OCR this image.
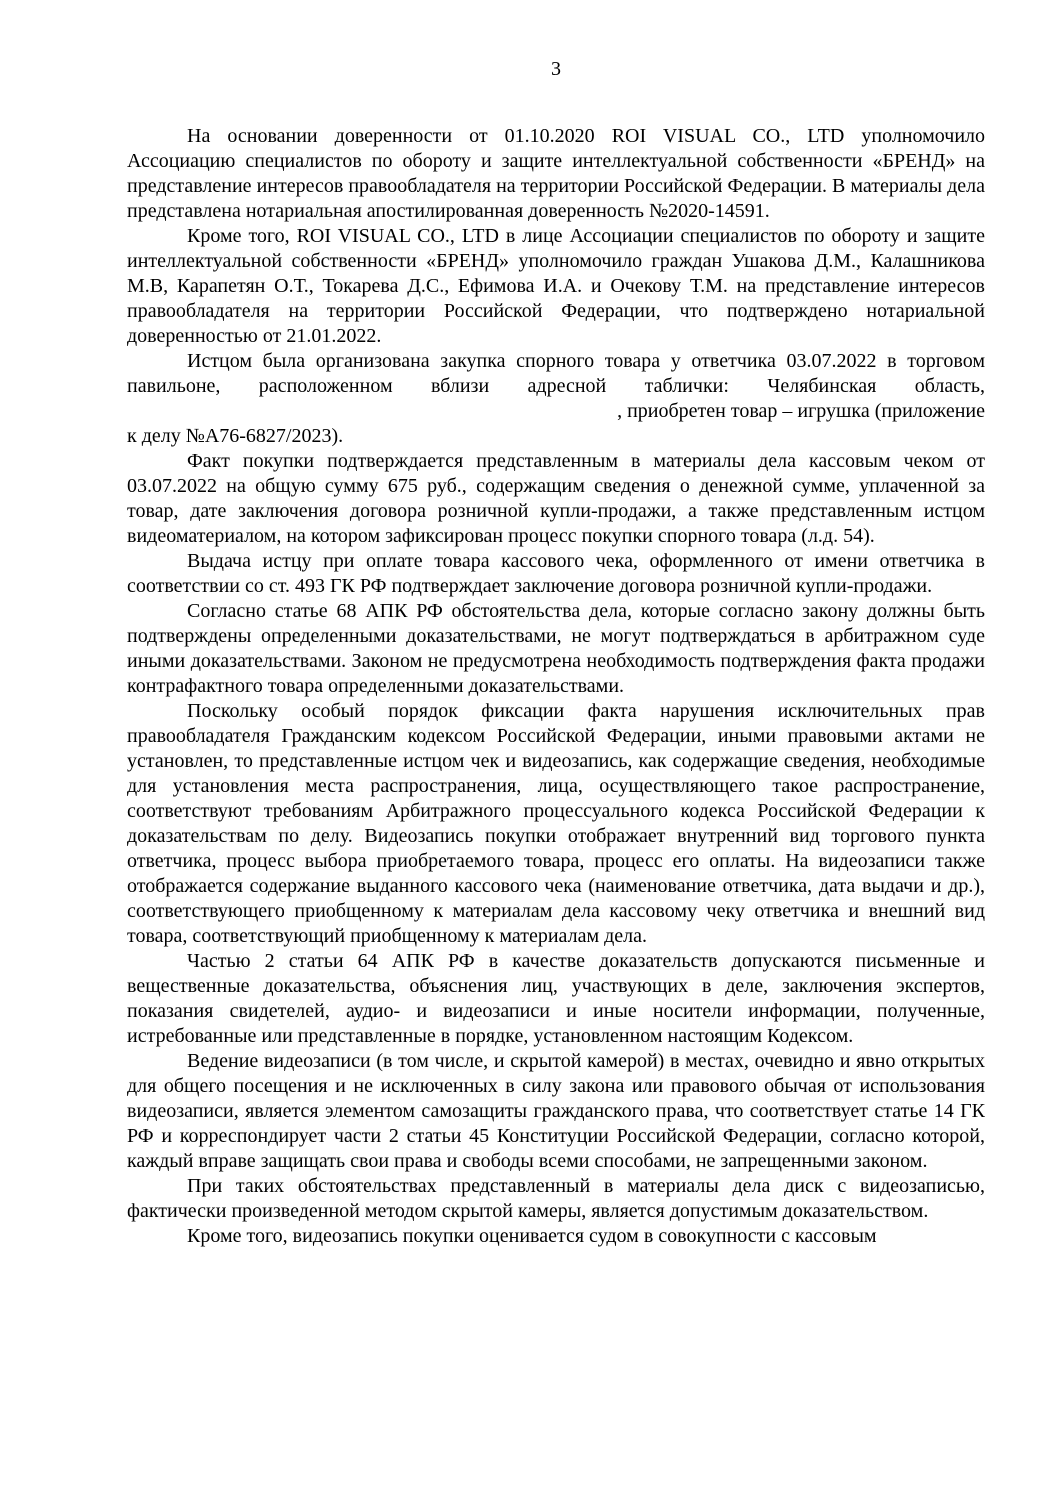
3

На основании доверенности от 01.10.2020 ROI VISUAL CO., LTD уполномочило Ассоциацию специалистов по обороту и защите интеллектуальной собственности «БРЕНД» на представление интересов правообладателя на территории Российской Федерации. В материалы дела представлена нотариальная апостилированная доверенность №2020-14591.

Кроме того, ROI VISUAL CO., LTD в лице Ассоциации специалистов по обороту и защите интеллектуальной собственности «БРЕНД» уполномочило граждан Ушакова Д.М., Калашникова М.В, Карапетян О.Т., Токарева Д.С., Ефимова И.А. и Очекову Т.М. на представление интересов правообладателя на территории Российской Федерации, что подтверждено нотариальной доверенностью от 21.01.2022.

Истцом была организована закупка спорного товара у ответчика 03.07.2022 в торговом павильоне, расположенном вблизи адресной таблички: Челябинская область,

, приобретен товар – игрушка (приложение

к делу №А76-6827/2023).

Факт покупки подтверждается представленным в материалы дела кассовым чеком от 03.07.2022 на общую сумму 675 руб., содержащим сведения о денежной сумме, уплаченной за товар, дате заключения договора розничной купли-продажи, а также представленным истцом видеоматериалом, на котором зафиксирован процесс покупки спорного товара (л.д. 54).

Выдача истцу при оплате товара кассового чека, оформленного от имени ответчика в соответствии со ст. 493 ГК РФ подтверждает заключение договора розничной купли-продажи.

Согласно статье 68 АПК РФ обстоятельства дела, которые согласно закону должны быть подтверждены определенными доказательствами, не могут подтверждаться в арбитражном суде иными доказательствами. Законом не предусмотрена необходимость подтверждения факта продажи контрафактного товара определенными доказательствами.

Поскольку особый порядок фиксации факта нарушения исключительных прав правообладателя Гражданским кодексом Российской Федерации, иными правовыми актами не установлен, то представленные истцом чек и видеозапись, как содержащие сведения, необходимые для установления места распространения, лица, осуществляющего такое распространение, соответствуют требованиям Арбитражного процессуального кодекса Российской Федерации к доказательствам по делу. Видеозапись покупки отображает внутренний вид торгового пункта ответчика, процесс выбора приобретаемого товара, процесс его оплаты. На видеозаписи также отображается содержание выданного кассового чека (наименование ответчика, дата выдачи и др.), соответствующего приобщенному к материалам дела кассовому чеку ответчика и внешний вид товара, соответствующий приобщенному к материалам дела.

Частью 2 статьи 64 АПК РФ в качестве доказательств допускаются письменные и вещественные доказательства, объяснения лиц, участвующих в деле, заключения экспертов, показания свидетелей, аудио- и видеозаписи и иные носители информации, полученные, истребованные или представленные в порядке, установленном настоящим Кодексом.

Ведение видеозаписи (в том числе, и скрытой камерой) в местах, очевидно и явно открытых для общего посещения и не исключенных в силу закона или правового обычая от использования видеозаписи, является элементом самозащиты гражданского права, что соответствует статье 14 ГК РФ и корреспондирует части 2 статьи 45 Конституции Российской Федерации, согласно которой, каждый вправе защищать свои права и свободы всеми способами, не запрещенными законом.

При таких обстоятельствах представленный в материалы дела диск с видеозаписью, фактически произведенной методом скрытой камеры, является допустимым доказательством.

Кроме того, видеозапись покупки оценивается судом в совокупности с кассовым
